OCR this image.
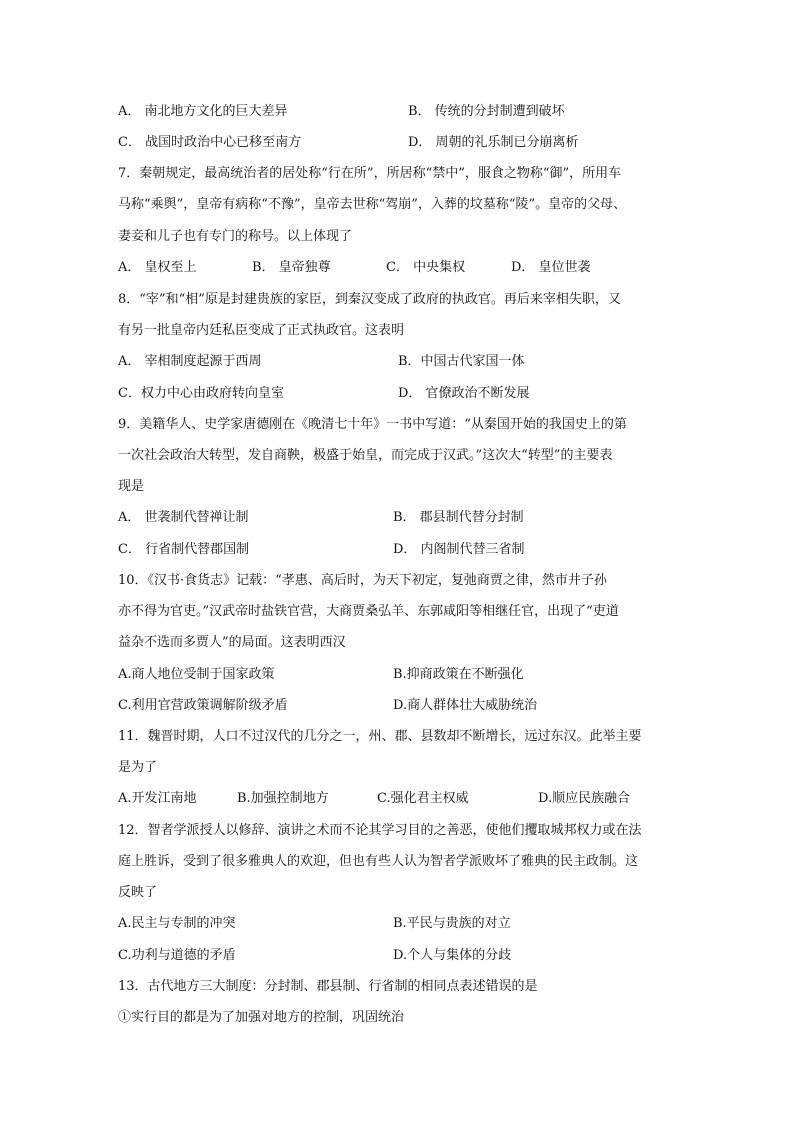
A． 南北地方文化的巨大差异	B． 传统的分封制遭到破坏
C． 战国时政治中心已移至南方	D． 周朝的礼乐制已分崩离析
7．秦朝规定，最高统治者的居处称“行在所”，所居称“禁中”，服食之物称“御”，所用车
马称“乘舆”，皇帝有病称“不豫”，皇帝去世称“驾崩”，入葬的坟墓称“陵”。皇帝的父母、
妻妾和儿子也有专门的称号。以上体现了
A． 皇权至上	B． 皇帝独尊	C． 中央集权	D． 皇位世袭
8．“宰”和“相”原是封建贵族的家臣，到秦汉变成了政府的执政官。再后来宰相失职，又
有另一批皇帝内廷私臣变成了正式执政官。这表明
A． 宰相制度起源于西周	B．中国古代家国一体
C．权力中心由政府转向皇室	D． 官僚政治不断发展
9．美籍华人、史学家唐德刚在《晚清七十年》一书中写道：“从秦国开始的我国史上的第
一次社会政治大转型，发自商鞅，极盛于始皇，而完成于汉武。”这次大“转型”的主要表
现是
A． 世袭制代替禅让制	B． 郡县制代替分封制
C． 行省制代替郡国制	D． 内阁制代替三省制
10．《汉书·食货志》记载：“孝惠、高后时，为天下初定，复弛商贾之律，然市井子孙
亦不得为官吏。”汉武帝时盐铁官营，大商贾桑弘羊、东郭咸阳等相继任官，出现了“吏道
益杂不选而多贾人”的局面。这表明西汉
A.商人地位受制于国家政策	B.抑商政策在不断强化
C.利用官营政策调解阶级矛盾	D.商人群体壮大威胁统治
11．魏晋时期，人口不过汉代的几分之一，州、郡、县数却不断增长，远过东汉。此举主要
是为了
A.开发江南地	B.加强控制地方	C.强化君主权威	D.顺应民族融合
12．智者学派授人以修辞、演讲之术而不论其学习目的之善恶，使他们攫取城邦权力或在法
庭上胜诉，受到了很多雅典人的欢迎，但也有些人认为智者学派败坏了雅典的民主政制。这
反映了
A.民主与专制的冲突	B.平民与贵族的对立
C.功利与道德的矛盾	D.个人与集体的分歧
13．古代地方三大制度：分封制、郡县制、行省制的相同点表述错误的是
①实行目的都是为了加强对地方的控制，巩固统治
